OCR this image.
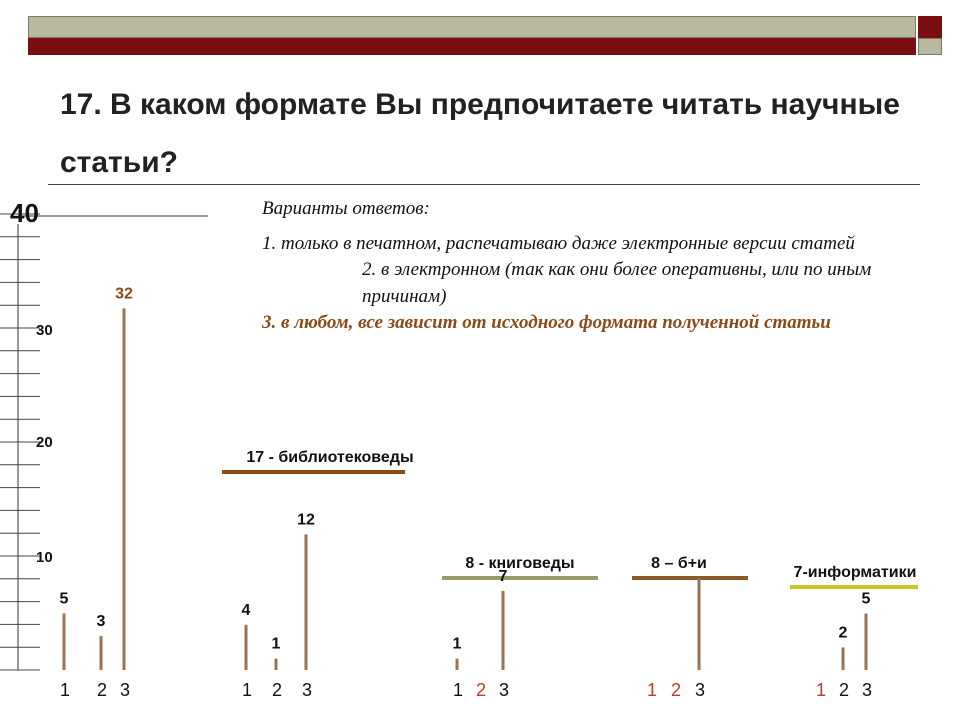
17. В каком формате Вы предпочитаете читать научные статьи?
Варианты ответов:
1. только в печатном, распечатываю даже электронные версии статей
2. в электронном (так как они более оперативны, или по иным причинам)
3. в любом, все зависит от исходного формата полученной статьи
40
30
20
10
5
1
3
2
32
3
17 - библиотековеды
4
1
1
2
12
3
8 - книговеды
1
1 2
7
3
8 – б+и
1 2 3
7-информатики
1
2
2
5
3
